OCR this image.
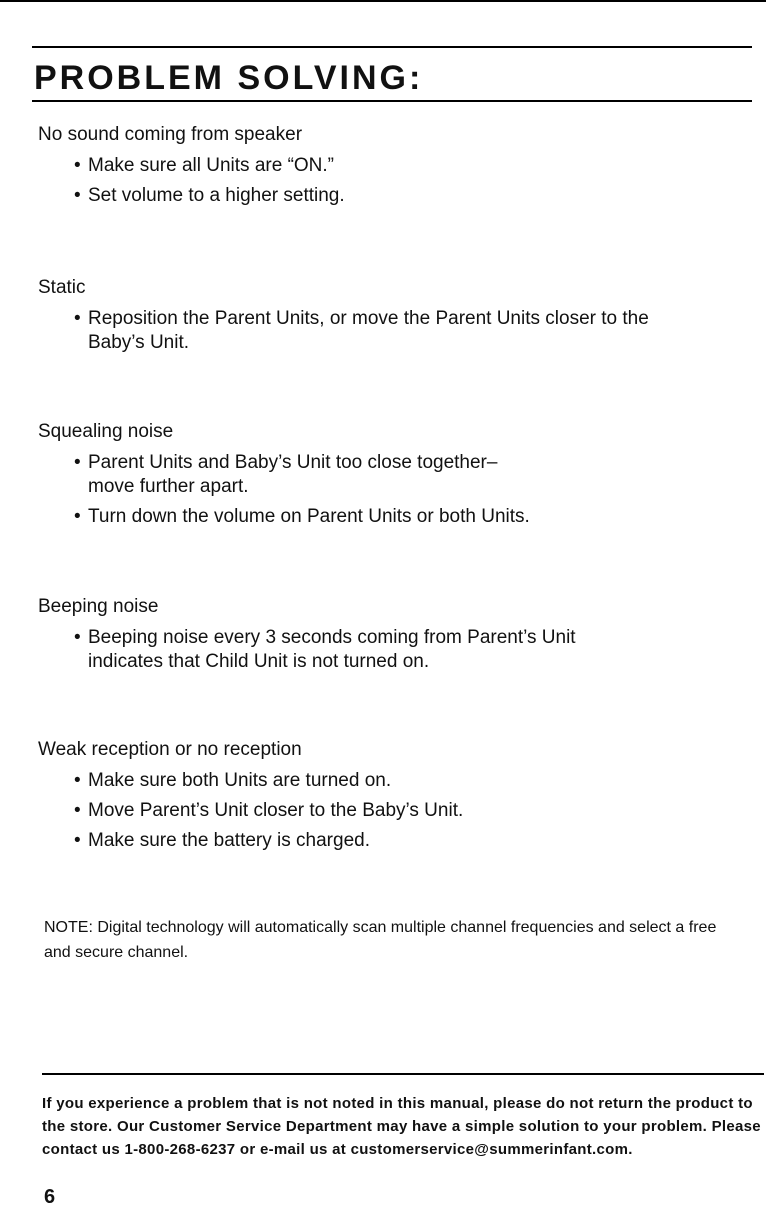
PROBLEM SOLVING:

No sound coming from speaker

• Make sure all Units are “ON.”
• Set volume to a higher setting.

Static

• Reposition the Parent Units, or move the Parent Units closer to the Baby’s Unit.

Squealing noise

• Parent Units and Baby’s Unit too close together– move further apart.
• Turn down the volume on Parent Units or both Units.

Beeping noise

• Beeping noise every 3 seconds coming from Parent’s Unit indicates that Child Unit is not turned on.

Weak reception or no reception

• Make sure both Units are turned on.
• Move Parent’s Unit closer to the Baby’s Unit.
• Make sure the battery is charged.

NOTE: Digital technology will automatically scan multiple channel frequencies and select a free and secure channel.

If you experience a problem that is not noted in this manual, please do not return the product to the store. Our Customer Service Department may have a simple solution to your problem. Please contact us 1-800-268-6237 or e-mail us at customerservice@summerinfant.com.

6
